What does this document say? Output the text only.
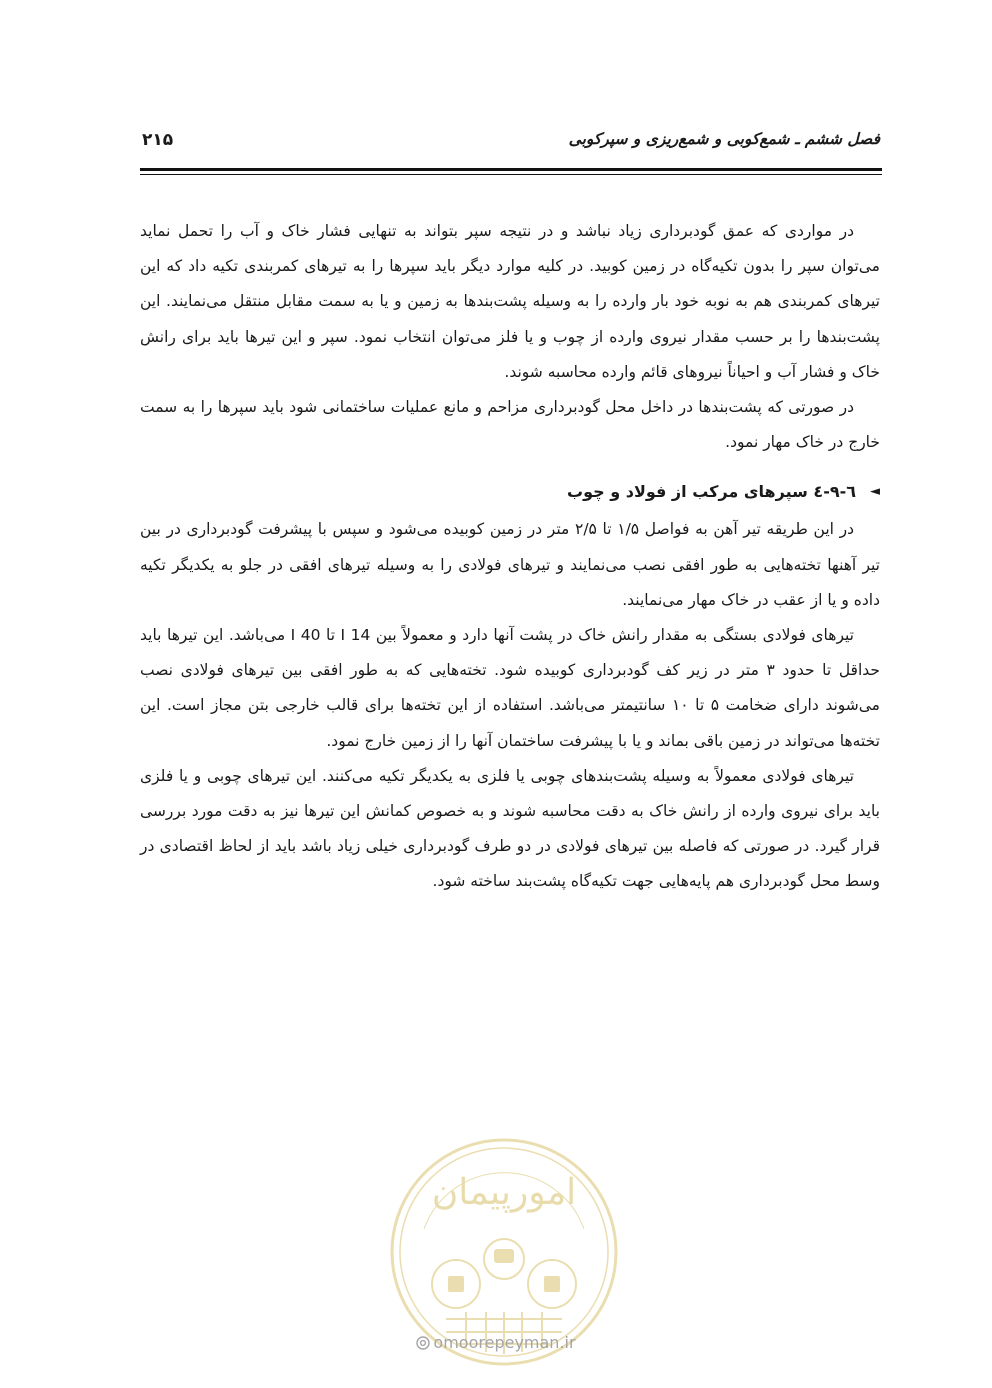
فصل ششم ـ شمع‌کوبی و شمع‌ریزی و سپرکوبی
۲۱۵

در مواردی که عمق گودبرداری زیاد نباشد و در نتیجه سپر بتواند به تنهایی فشار خاک و آب را تحمل نماید می‌توان سپر را بدون تکیه‌گاه در زمین کوبید. در کلیه موارد دیگر باید سپرها را به تیرهای کمربندی تکیه داد که این تیرهای کمربندی هم به نوبه خود بار وارده را به وسیله پشت‌بندها به زمین و یا به سمت مقابل منتقل می‌نمایند. این پشت‌بندها را بر حسب مقدار نیروی وارده از چوب و یا فلز می‌توان انتخاب نمود. سپر و این تیرها باید برای رانش خاک و فشار آب و احیاناً نیروهای قائم وارده محاسبه شوند.

در صورتی که پشت‌بندها در داخل محل گودبرداری مزاحم و مانع عملیات ساختمانی شود باید سپرها را به سمت خارج در خاک مهار نمود.

◄
٦-٩-٤ سپرهای مرکب از فولاد و چوب

در این طریقه تیر آهن به فواصل ۱/۵ تا ۲/۵ متر در زمین کوبیده می‌شود و سپس با پیشرفت گودبرداری در بین تیر آهنها تخته‌هایی به طور افقی نصب می‌نمایند و تیرهای فولادی را به وسیله تیرهای افقی در جلو به یکدیگر تکیه داده و یا از عقب در خاک مهار می‌نمایند.

تیرهای فولادی بستگی به مقدار رانش خاک در پشت آنها دارد و معمولاً بین I 14 تا I 40 می‌باشد. این تیرها باید حداقل تا حدود ۳ متر در زیر کف گودبرداری کوبیده شود. تخته‌هایی که به طور افقی بین تیرهای فولادی نصب می‌شوند دارای ضخامت ۵ تا ۱۰ سانتیمتر می‌باشد. استفاده از این تخته‌ها برای قالب خارجی بتن مجاز است. این تخته‌ها می‌تواند در زمین باقی بماند و یا با پیشرفت ساختمان آنها را از زمین خارج نمود.

تیرهای فولادی معمولاً به وسیله پشت‌بندهای چوبی یا فلزی به یکدیگر تکیه می‌کنند. این تیرهای چوبی و یا فلزی باید برای نیروی وارده از رانش خاک به دقت محاسبه شوند و به خصوص کمانش این تیرها نیز به دقت مورد بررسی قرار گیرد. در صورتی که فاصله بین تیرهای فولادی در دو طرف گودبرداری خیلی زیاد باشد باید از لحاظ اقتصادی در وسط محل گودبرداری هم پایه‌هایی جهت تکیه‌گاه پشت‌بند ساخته شود.

امورپیمان
omoorepeyman.ir
